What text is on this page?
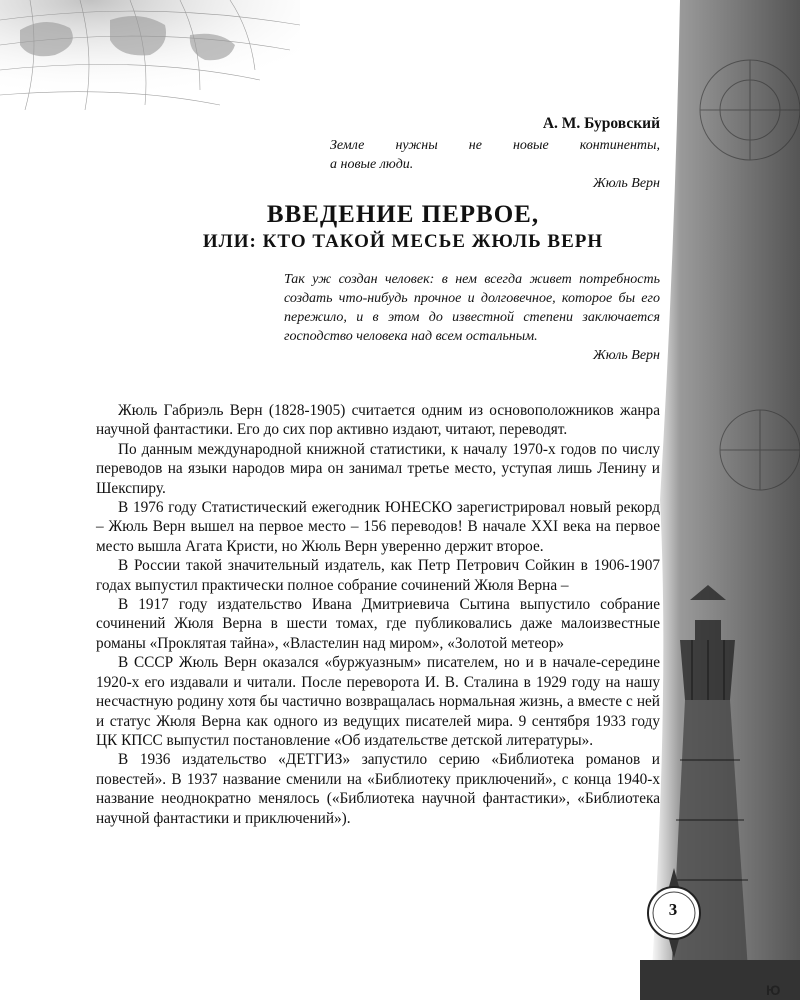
3
Ю
А. М. Буровский

Земле нужны не новые континенты,

а новые люди.

Жюль Верн

ВВЕДЕНИЕ ПЕРВОЕ,
ИЛИ: КТО ТАКОЙ МЕСЬЕ ЖЮЛЬ ВЕРН

Так уж создан человек: в нем всегда живет потребность создать что-нибудь прочное и долговечное, которое бы его пережило, и в этом до известной степени заключается господство человека над всем остальным.

Жюль Верн

Жюль Габриэль Верн (1828-1905) считается одним из основоположников жанра научной фантастики. Его до сих пор активно издают, читают, переводят.

По данным международной книжной статистики, к началу 1970-х годов по числу переводов на языки народов мира он занимал третье место, уступая лишь Ленину и Шекспиру.

В 1976 году Статистический ежегодник ЮНЕСКО зарегистрировал новый рекорд – Жюль Верн вышел на первое место – 156 переводов! В начале XXI века на первое место вышла Агата Кристи, но Жюль Верн уверенно держит второе.

В России такой значительный издатель, как Петр Петрович Сойкин в 1906-1907 годах выпустил практически полное собрание сочинений Жюля Верна –

В 1917 году издательство Ивана Дмитриевича Сытина выпустило собрание сочинений Жюля Верна в шести томах, где публиковались даже малоизвестные романы «Проклятая тайна», «Властелин над миром», «Золотой метеор»

В СССР Жюль Верн оказался «буржуазным» писателем, но и в начале-середине 1920-х его издавали и читали. После переворота И. В. Сталина в 1929 году на нашу несчастную родину хотя бы частично возвращалась нормальная жизнь, а вместе с ней и статус Жюля Верна как одного из ведущих писателей мира. 9 сентября 1933 году ЦК КПСС выпустил постановление «Об издательстве детской литературы».

В 1936 издательство «ДЕТГИЗ» запустило серию «Библиотека романов и повестей». В 1937 название сменили на «Библиотеку приключений», с конца 1940-х название неоднократно менялось («Библиотека научной фантастики», «Библиотека научной фантастики и приключений»).
